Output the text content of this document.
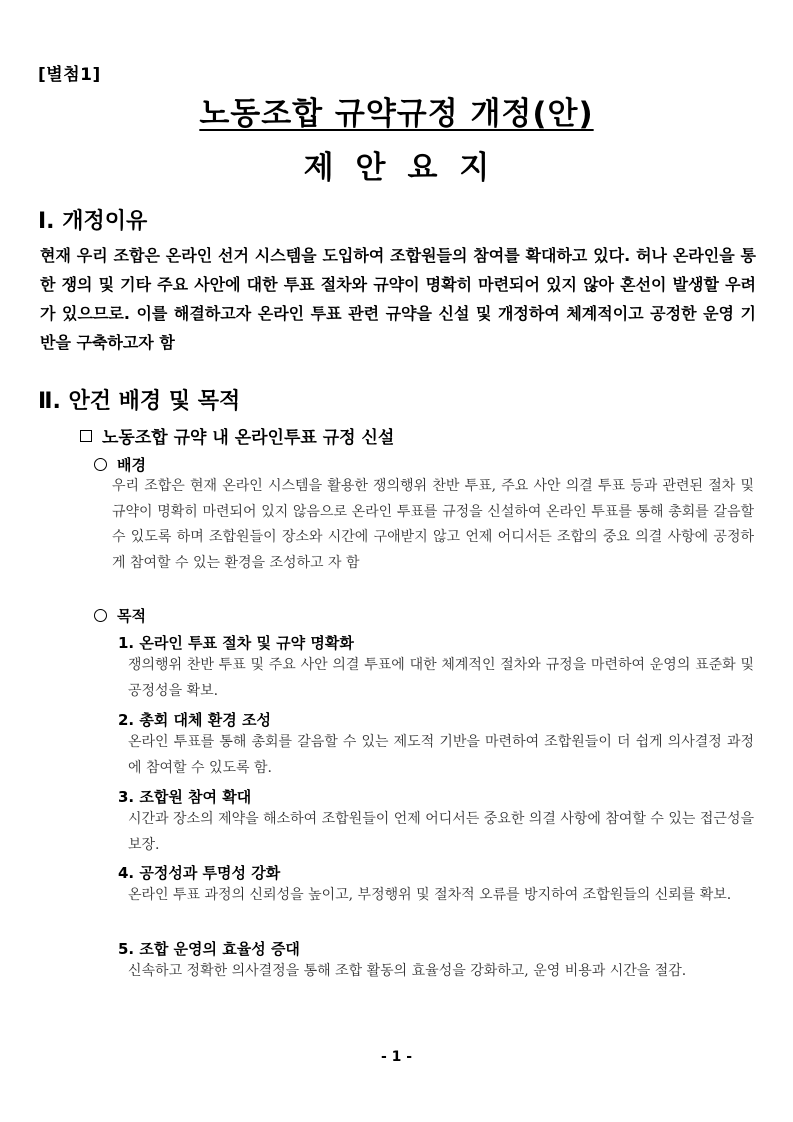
[별첨1]
노동조합 규약규정 개정(안)
제안요지
Ⅰ. 개정이유
현재 우리 조합은 온라인 선거 시스템을 도입하여 조합원들의 참여를 확대하고 있다. 허나 온라인을 통한 쟁의 및 기타 주요 사안에 대한 투표 절차와 규약이 명확히 마련되어 있지 않아 혼선이 발생할 우려가 있으므로. 이를 해결하고자 온라인 투표 관련 규약을 신설 및 개정하여 체계적이고 공정한 운영 기반을 구축하고자 함
Ⅱ. 안건 배경 및 목적
노동조합 규약 내 온라인투표 규정 신설
배경
우리 조합은 현재 온라인 시스템을 활용한 쟁의행위 찬반 투표, 주요 사안 의결 투표 등과 관련된 절차 및 규약이 명확히 마련되어 있지 않음으로 온라인 투표를 규정을 신설하여 온라인 투표를 통해 총회를 갈음할 수 있도록 하며 조합원들이 장소와 시간에 구애받지 않고 언제 어디서든 조합의 중요 의결 사항에 공정하게 참여할 수 있는 환경을 조성하고 자 함
목적
1. 온라인 투표 절차 및 규약 명확화
쟁의행위 찬반 투표 및 주요 사안 의결 투표에 대한 체계적인 절차와 규정을 마련하여 운영의 표준화 및 공정성을 확보.
2. 총회 대체 환경 조성
온라인 투표를 통해 총회를 갈음할 수 있는 제도적 기반을 마련하여 조합원들이 더 쉽게 의사결정 과정에 참여할 수 있도록 함.
3. 조합원 참여 확대
시간과 장소의 제약을 해소하여 조합원들이 언제 어디서든 중요한 의결 사항에 참여할 수 있는 접근성을 보장.
4. 공정성과 투명성 강화
온라인 투표 과정의 신뢰성을 높이고, 부정행위 및 절차적 오류를 방지하여 조합원들의 신뢰를 확보.
5. 조합 운영의 효율성 증대
신속하고 정확한 의사결정을 통해 조합 활동의 효율성을 강화하고, 운영 비용과 시간을 절감.
- 1 -
